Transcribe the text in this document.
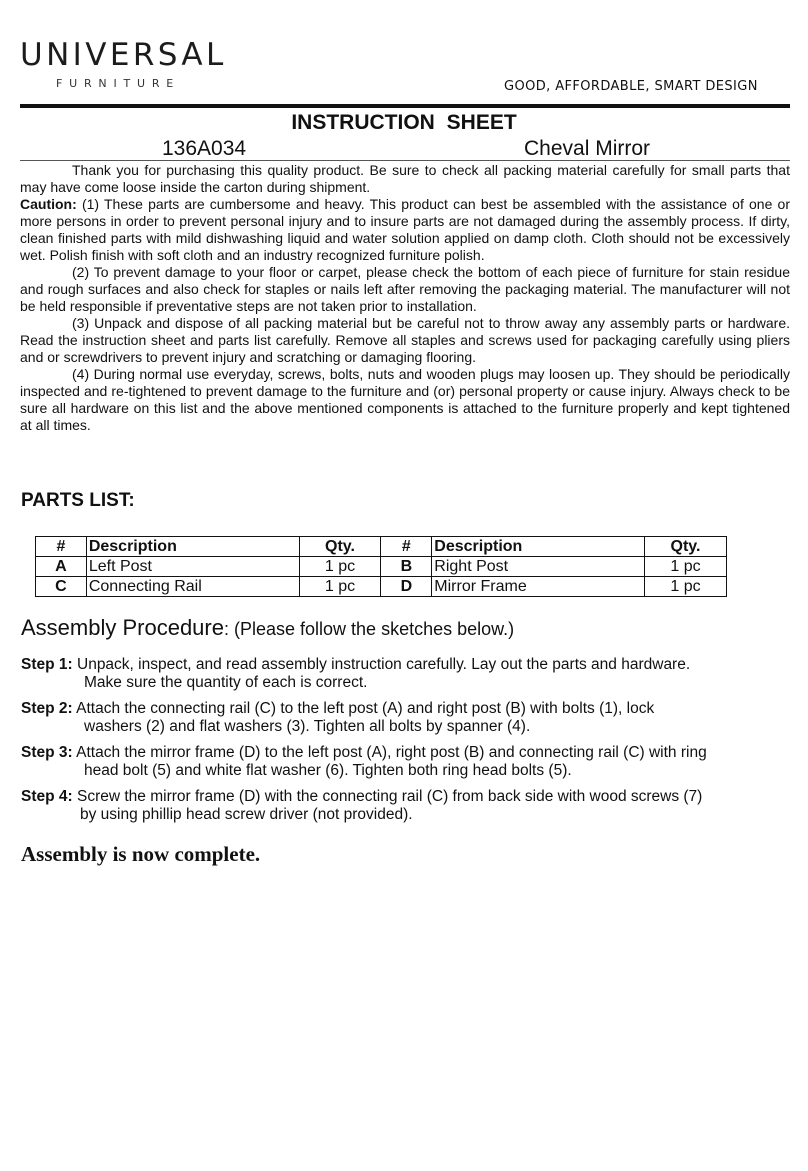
UNIVERSAL
FURNITURE	GOOD, AFFORDABLE, SMART DESIGN
INSTRUCTION SHEET
136A034	Cheval Mirror

Thank you for purchasing this quality product. Be sure to check all packing material carefully for small parts that may have come loose inside the carton during shipment.

Caution: (1) These parts are cumbersome and heavy. This product can best be assembled with the assistance of one or more persons in order to prevent personal injury and to insure parts are not damaged during the assembly process. If dirty, clean finished parts with mild dishwashing liquid and water solution applied on damp cloth. Cloth should not be excessively wet. Polish finish with soft cloth and an industry recognized furniture polish.

(2) To prevent damage to your floor or carpet, please check the bottom of each piece of furniture for stain residue and rough surfaces and also check for staples or nails left after removing the packaging material. The manufacturer will not be held responsible if preventative steps are not taken prior to installation.

(3) Unpack and dispose of all packing material but be careful not to throw away any assembly parts or hardware. Read the instruction sheet and parts list carefully. Remove all staples and screws used for packaging carefully using pliers and or screwdrivers to prevent injury and scratching or damaging flooring.

(4) During normal use everyday, screws, bolts, nuts and wooden plugs may loosen up. They should be periodically inspected and re-tightened to prevent damage to the furniture and (or) personal property or cause injury. Always check to be sure all hardware on this list and the above mentioned components is attached to the furniture properly and kept tightened at all times.

PARTS LIST:
#	Description	Qty.	#	Description	Qty.
A	Left Post	1 pc	B	Right Post	1 pc
C	Connecting Rail	1 pc	D	Mirror Frame	1 pc
Assembly Procedure: (Please follow the sketches below.)
Step 1: Unpack, inspect, and read assembly instruction carefully. Lay out the parts and hardware.
Make sure the quantity of each is correct.
Step 2: Attach the connecting rail (C) to the left post (A) and right post (B) with bolts (1), lock
washers (2) and flat washers (3). Tighten all bolts by spanner (4).
Step 3: Attach the mirror frame (D) to the left post (A), right post (B) and connecting rail (C) with ring
head bolt (5) and white flat washer (6). Tighten both ring head bolts (5).
Step 4: Screw the mirror frame (D) with the connecting rail (C) from back side with wood screws (7)
by using phillip head screw driver (not provided).
Assembly is now complete.
